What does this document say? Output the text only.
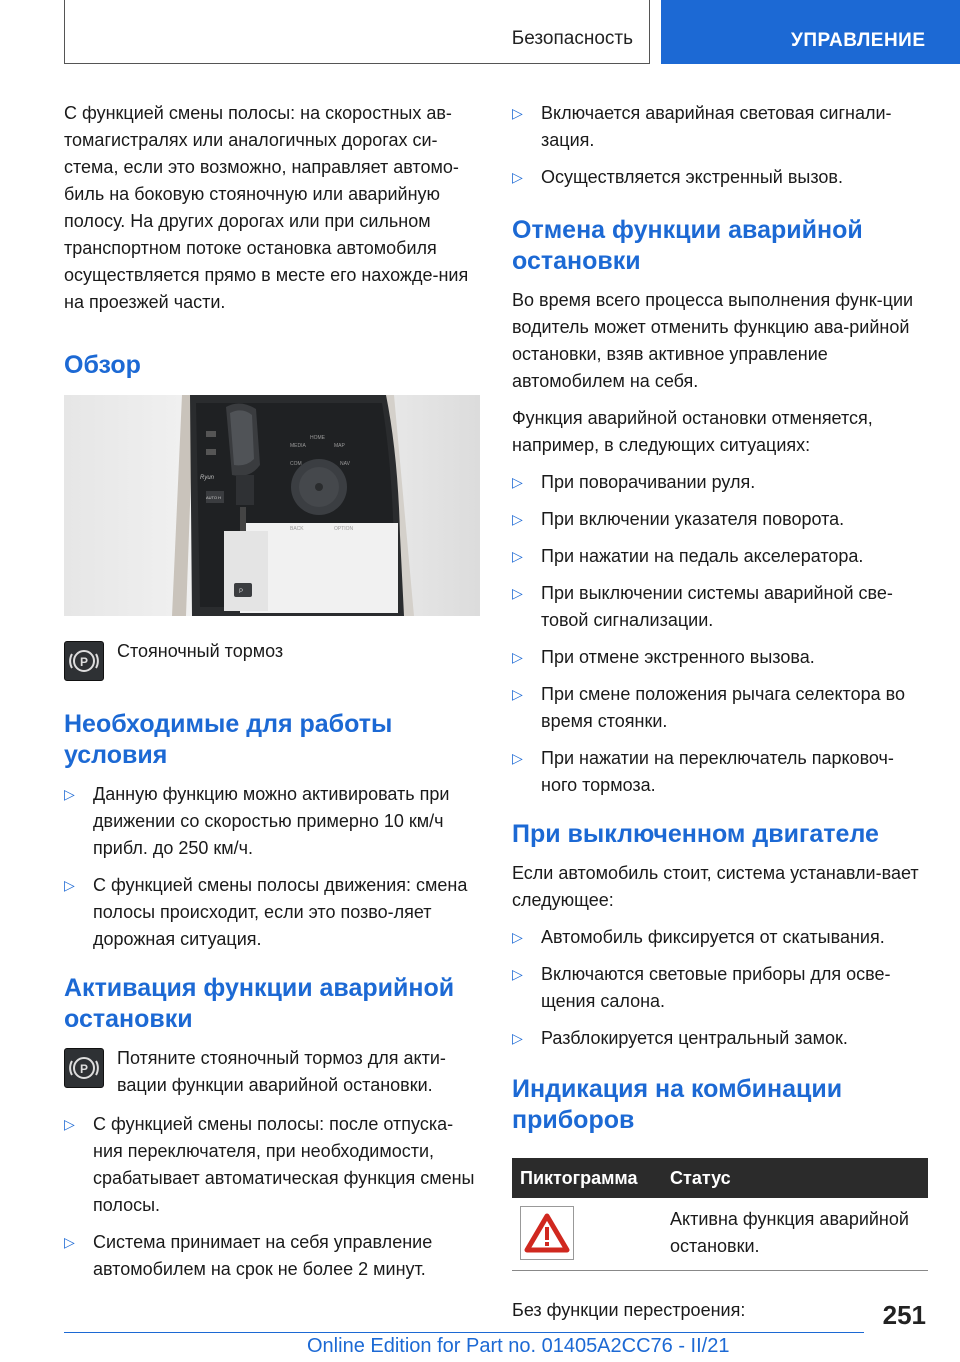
Безопасность	УПРАВЛЕНИЕ

С функцией смены полосы: на скоростных ав-томагистралях или аналогичных дорогах си-стема, если это возможно, направляет автомо-биль на боковую стояночную или аварийную полосу. На других дорогах или при сильном транспортном потоке остановка автомобиля осуществляется прямо в месте его нахожде-ния на проезжей части.

Обзор
MEDIA
HOME
MAP
COM	NAV
BACK	OPTION
Ryun
AUTO H
P
P

Стояночный тормоз

Необходимые для работы условия
▷ Данную функцию можно активировать при движении со скоростью примерно 10 км/ч прибл. до 250 км/ч.
▷ С функцией смены полосы движения: смена полосы происходит, если это позво-ляет дорожная ситуация.
Активация функции аварийной остановки
P

Потяните стояночный тормоз для акти-вации функции аварийной остановки.

▷ С функцией смены полосы: после отпуска-ния переключателя, при необходимости, срабатывает автоматическая функция смены полосы.
▷ Система принимает на себя управление автомобилем на срок не более 2 минут.
▷ Включается аварийная световая сигнали-зация.
▷ Осуществляется экстренный вызов.
Отмена функции аварийной остановки

Во время всего процесса выполнения функ-ции водитель может отменить функцию ава-рийной остановки, взяв активное управление автомобилем на себя.

Функция аварийной остановки отменяется, например, в следующих ситуациях:

▷ При поворачивании руля.
▷ При включении указателя поворота.
▷ При нажатии на педаль акселератора.
▷ При выключении системы аварийной све-товой сигнализации.
▷ При отмене экстренного вызова.
▷ При смене положения рычага селектора во время стоянки.
▷ При нажатии на переключатель парковоч-ного тормоза.
При выключенном двигателе

Если автомобиль стоит, система устанавли-вает следующее:

▷ Автомобиль фиксируется от скатывания.
▷ Включаются световые приборы для осве-щения салона.
▷ Разблокируется центральный замок.
Индикация на комбинации приборов
Пиктограмма	Статус

	Активна функция аварийной остановки.

Без функции перестроения:	251
Online Edition for Part no. 01405A2CC76 - II/21
